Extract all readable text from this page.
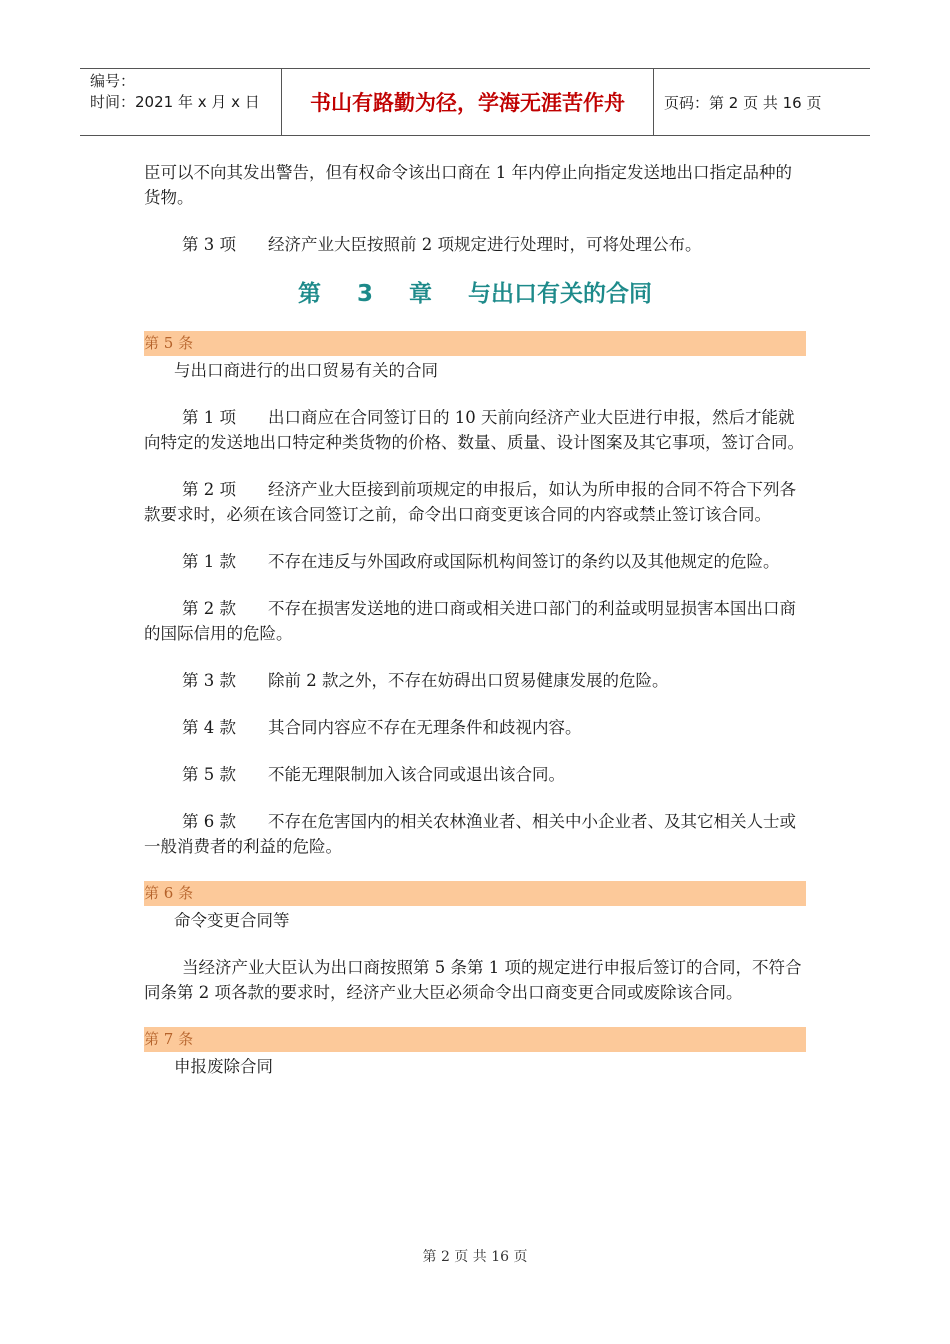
编号：
时间：2021 年 x 月 x 日	书山有路勤为径，学海无涯苦作舟	页码：第 2 页 共 16 页

臣可以不向其发出警告，但有权命令该出口商在 1 年内停止向指定发送地出口指定品种的货物。

第 3 项 经济产业大臣按照前 2 项规定进行处理时，可将处理公布。

第 3 章 与出口有关的合同
第 5 条
与出口商进行的出口贸易有关的合同

第 1 项 出口商应在合同签订日的 10 天前向经济产业大臣进行申报，然后才能就向特定的发送地出口特定种类货物的价格、数量、质量、设计图案及其它事项，签订合同。

第 2 项 经济产业大臣接到前项规定的申报后，如认为所申报的合同不符合下列各款要求时，必须在该合同签订之前，命令出口商变更该合同的内容或禁止签订该合同。

第 1 款 不存在违反与外国政府或国际机构间签订的条约以及其他规定的危险。

第 2 款 不存在损害发送地的进口商或相关进口部门的利益或明显损害本国出口商的国际信用的危险。

第 3 款 除前 2 款之外，不存在妨碍出口贸易健康发展的危险。

第 4 款 其合同内容应不存在无理条件和歧视内容。

第 5 款 不能无理限制加入该合同或退出该合同。

第 6 款 不存在危害国内的相关农林渔业者、相关中小企业者、及其它相关人士或一般消费者的利益的危险。

第 6 条
命令变更合同等

当经济产业大臣认为出口商按照第 5 条第 1 项的规定进行申报后签订的合同，不符合同条第 2 项各款的要求时，经济产业大臣必须命令出口商变更合同或废除该合同。

第 7 条
申报废除合同
第 2 页 共 16 页
